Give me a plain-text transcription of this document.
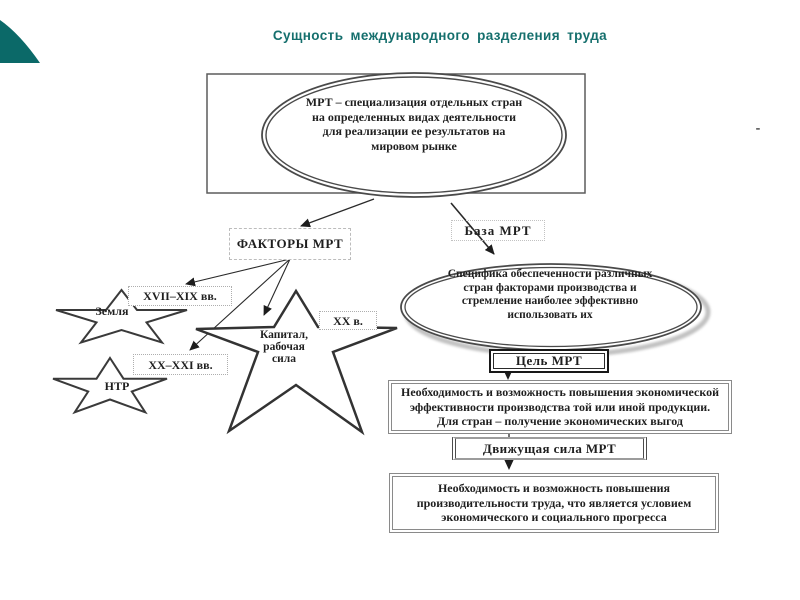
Сущность международного разделения труда
МРТ – специализация отдельных стран на определенных видах деятельности для реализации ее результатов на мировом рынке
ФАКТОРЫ МРТ
База МРТ
XVII–XIX вв.
XX в.
XX–XXI вв.
Земля
НТР
Капитал, рабочая сила
Специфика обеспеченности различных стран факторами производства и стремление наиболее эффективно использовать их
Цель МРТ
Необходимость и возможность повышения экономической эффективности производства той или иной продукции. Для стран – получение экономических выгод
Движущая сила МРТ
Необходимость и возможность повышения производительности труда, что является условием экономического и социального прогресса
-
